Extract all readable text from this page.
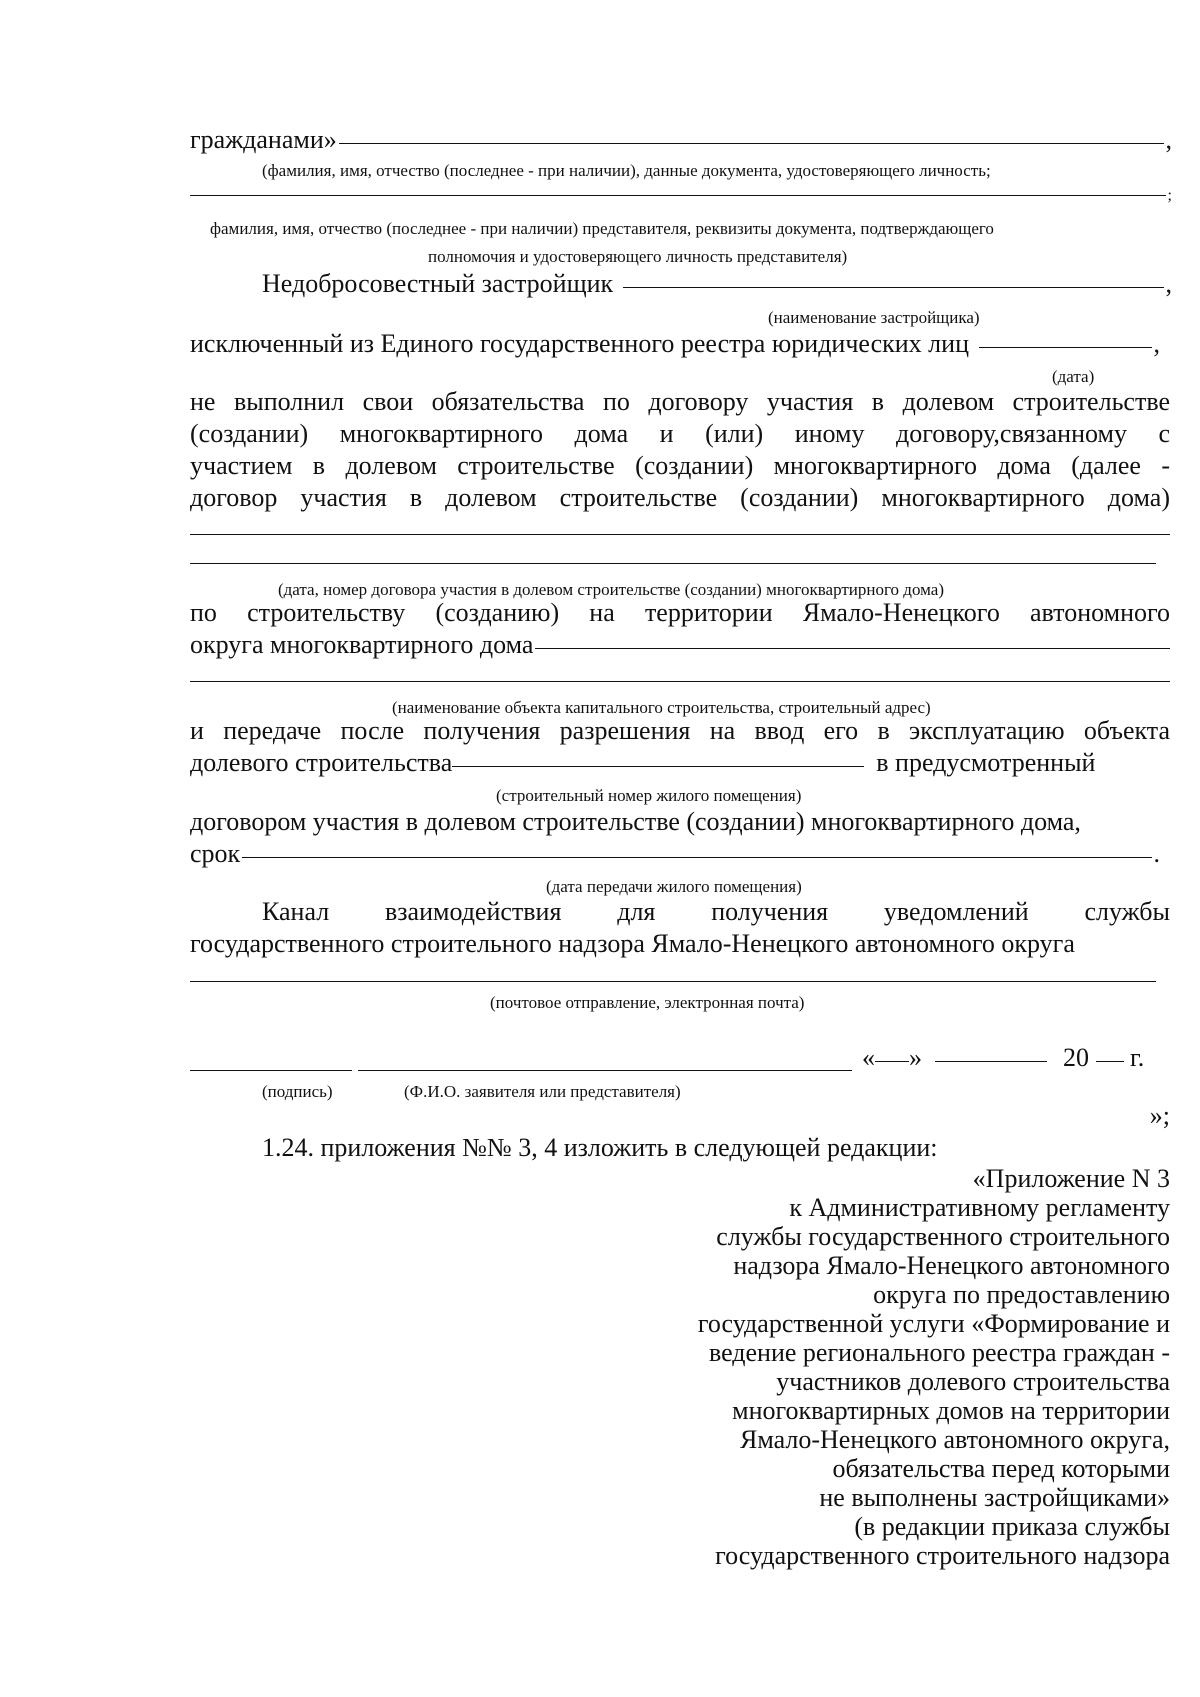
гражданами»	,
(фамилия, имя, отчество (последнее - при наличии), данные документа, удостоверяющего личность;
;
фамилия, имя, отчество (последнее - при наличии) представителя, реквизиты документа, подтверждающего
полномочия и удостоверяющего личность представителя)
Недобросовестный застройщик	,
(наименование застройщика)
исключенный из Единого государственного реестра юридических лиц	,
(дата)
не выполнил свои обязательства по договору участия в долевом строительстве
(создании) многоквартирного дома и (или) иному договору,связанному с
участием в долевом строительстве (создании) многоквартирного дома (далее -
договор участия в долевом строительстве (создании) многоквартирного дома)
(дата, номер договора участия в долевом строительстве (создании) многоквартирного дома)
по строительству (созданию) на территории Ямало-Ненецкого автономного
округа многоквартирного дома
(наименование объекта капитального строительства, строительный адрес)
и передаче после получения разрешения на ввод его в эксплуатацию объекта
долевого строительства	в предусмотренный
(строительный номер жилого помещения)
договором участия в долевом строительстве (создании) многоквартирного дома,
срок	.
(дата передачи жилого помещения)
Канал взаимодействия для получения уведомлений службы
государственного строительного надзора Ямало-Ненецкого автономного округа
(почтовое отправление, электронная почта)
« »	20 г.
(подпись)	(Ф.И.О. заявителя или представителя)
»;
1.24. приложения №№ 3, 4 изложить в следующей редакции:
«Приложение N 3
к Административному регламенту
службы государственного строительного
надзора Ямало-Ненецкого автономного
округа по предоставлению
государственной услуги «Формирование и
ведение регионального реестра граждан -
участников долевого строительства
многоквартирных домов на территории
Ямало-Ненецкого автономного округа,
обязательства перед которыми
не выполнены застройщиками»
(в редакции приказа службы
государственного строительного надзора
